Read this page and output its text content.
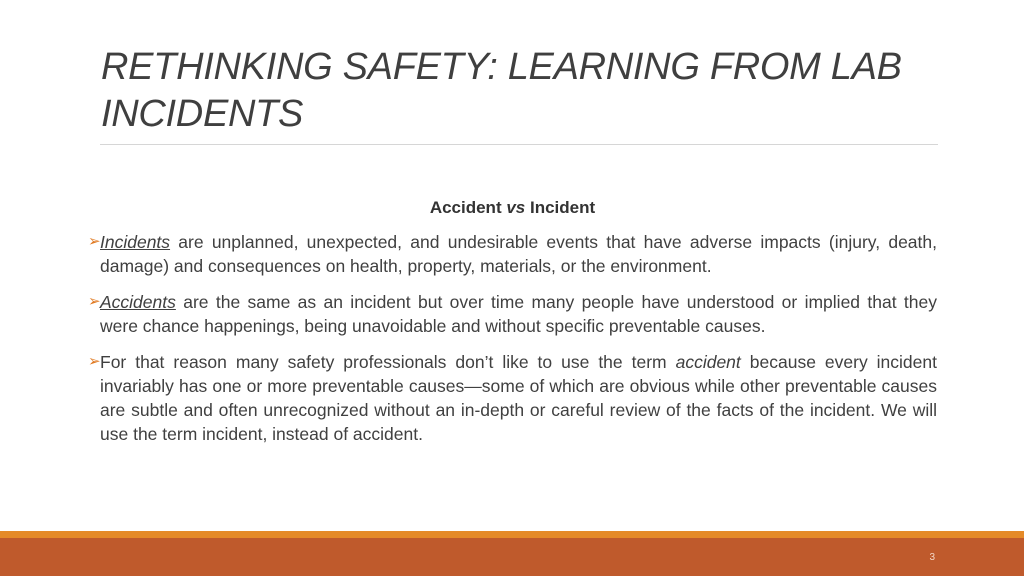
RETHINKING SAFETY: LEARNING FROM LAB INCIDENTS
Accident vs Incident

➢ Incidents are unplanned, unexpected, and undesirable events that have adverse impacts (injury, death, damage) and consequences on health, property, materials, or the environment.

➢ Accidents are the same as an incident but over time many people have understood or implied that they were chance happenings, being unavoidable and without specific preventable causes.

➢ For that reason many safety professionals don’t like to use the term accident because every incident invariably has one or more preventable causes—some of which are obvious while other preventable causes are subtle and often unrecognized without an in-depth or careful review of the facts of the incident. We will use the term incident, instead of accident.

3
